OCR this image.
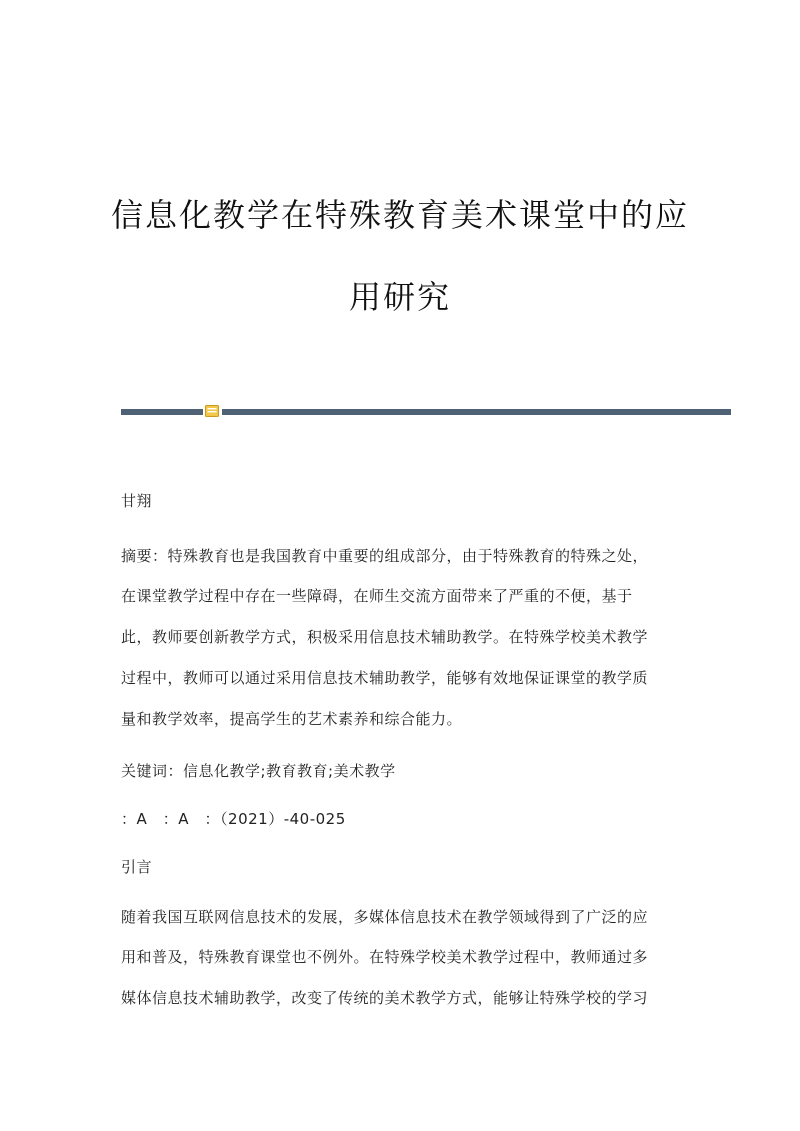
信息化教学在特殊教育美术课堂中的应
用研究
甘翔
摘要：特殊教育也是我国教育中重要的组成部分，由于特殊教育的特殊之处，
在课堂教学过程中存在一些障碍，在师生交流方面带来了严重的不便，基于
此，教师要创新教学方式，积极采用信息技术辅助教学。在特殊学校美术教学
过程中，教师可以通过采用信息技术辅助教学，能够有效地保证课堂的教学质
量和教学效率，提高学生的艺术素养和综合能力。
关键词：信息化教学;教育教育;美术教学
：A　：A　：（2021）-40-025
引言
随着我国互联网信息技术的发展，多媒体信息技术在教学领域得到了广泛的应
用和普及，特殊教育课堂也不例外。在特殊学校美术教学过程中，教师通过多
媒体信息技术辅助教学，改变了传统的美术教学方式，能够让特殊学校的学习
